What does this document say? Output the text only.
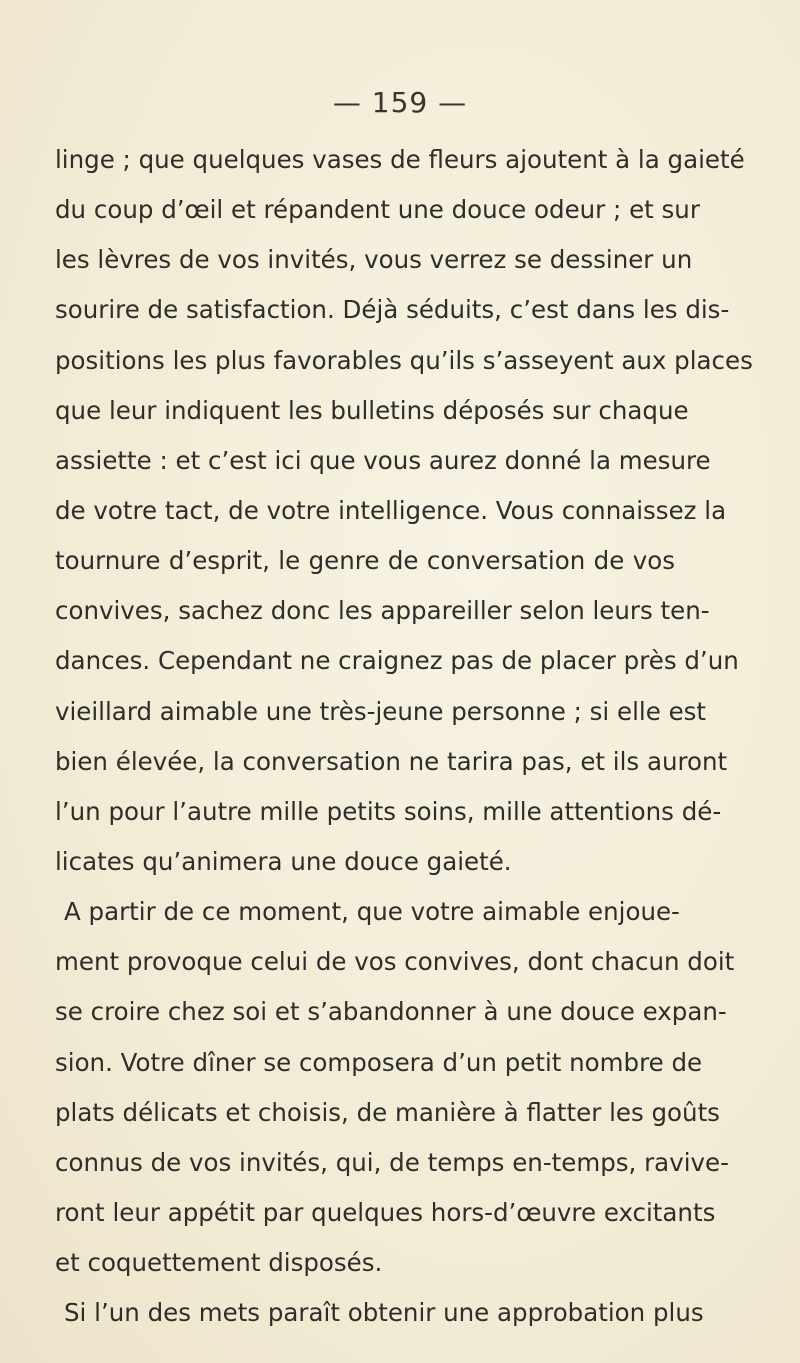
— 159 —
linge ; que quelques vases de fleurs ajoutent à la gaieté
du coup d’œil et répandent une douce odeur ; et sur
les lèvres de vos invités, vous verrez se dessiner un
sourire de satisfaction. Déjà séduits, c’est dans les dis-
positions les plus favorables qu’ils s’asseyent aux places
que leur indiquent les bulletins déposés sur chaque
assiette : et c’est ici que vous aurez donné la mesure
de votre tact, de votre intelligence. Vous connaissez la
tournure d’esprit, le genre de conversation de vos
convives, sachez donc les appareiller selon leurs ten-
dances. Cependant ne craignez pas de placer près d’un
vieillard aimable une très-jeune personne ; si elle est
bien élevée, la conversation ne tarira pas, et ils auront
l’un pour l’autre mille petits soins, mille attentions dé-
licates qu’animera une douce gaieté.
A partir de ce moment, que votre aimable enjoue-
ment provoque celui de vos convives, dont chacun doit
se croire chez soi et s’abandonner à une douce expan-
sion. Votre dîner se composera d’un petit nombre de
plats délicats et choisis, de manière à flatter les goûts
connus de vos invités, qui, de temps en-temps, ravive-
ront leur appétit par quelques hors-d’œuvre excitants
et coquettement disposés.
Si l’un des mets paraît obtenir une approbation plus
